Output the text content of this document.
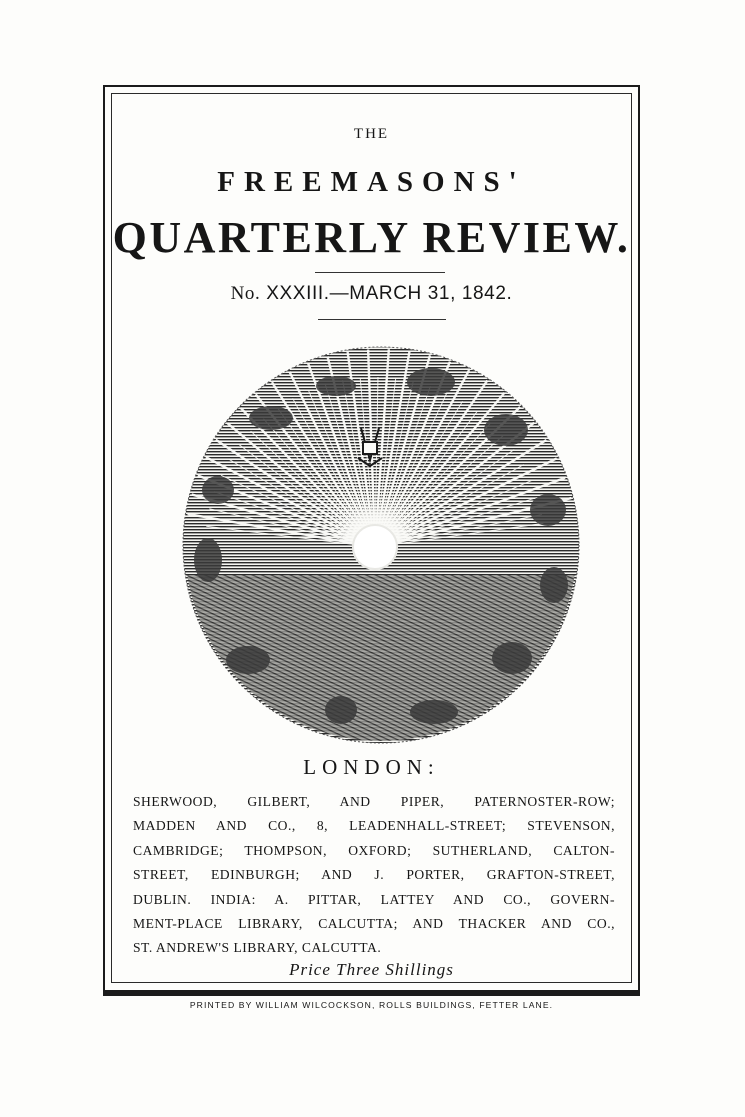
THE
FREEMASONS'
QUARTERLY REVIEW.
No. XXXIII.—MARCH 31, 1842.
LONDON:
SHERWOOD, GILBERT, AND PIPER, PATERNOSTER-ROW;
MADDEN AND CO., 8, LEADENHALL-STREET; STEVENSON,
CAMBRIDGE; THOMPSON, OXFORD; SUTHERLAND, CALTON-
STREET, EDINBURGH; AND J. PORTER, GRAFTON-STREET,
DUBLIN. INDIA: A. PITTAR, LATTEY AND CO., GOVERN-
MENT-PLACE LIBRARY, CALCUTTA; AND THACKER AND CO.,
ST. ANDREW'S LIBRARY, CALCUTTA.
Price Three Shillings
PRINTED BY WILLIAM WILCOCKSON, ROLLS BUILDINGS, FETTER LANE.
